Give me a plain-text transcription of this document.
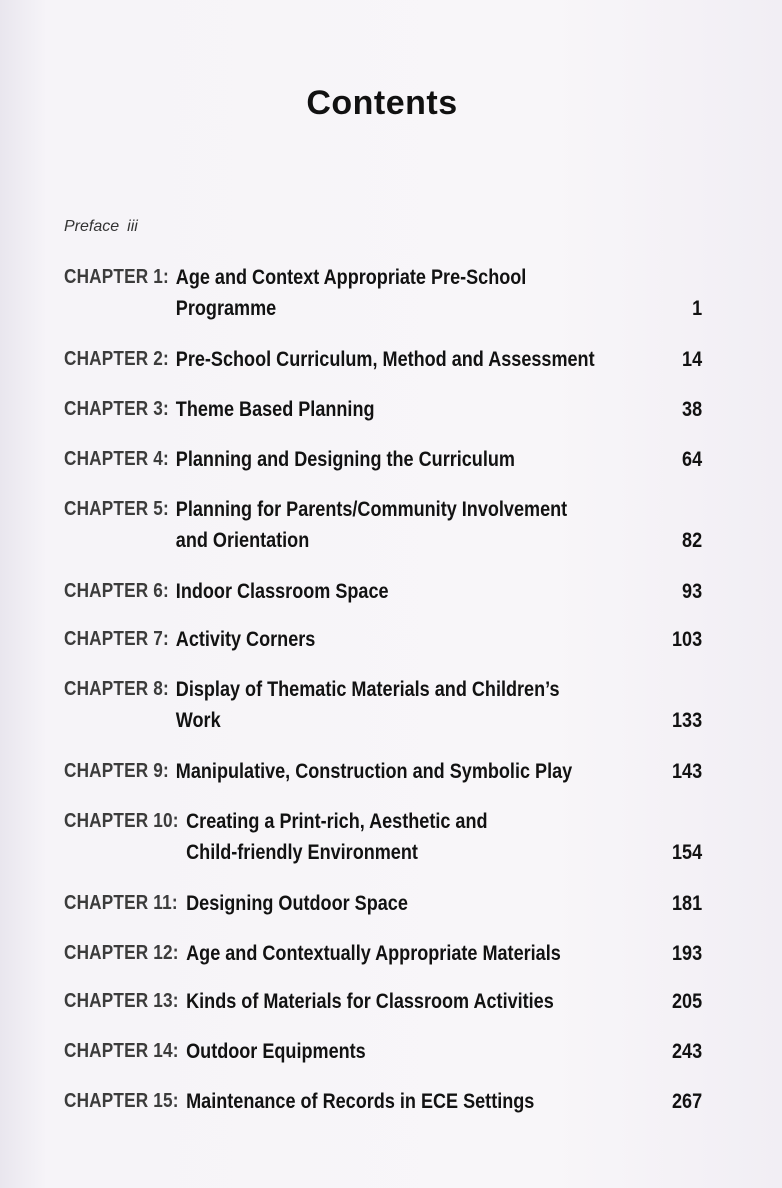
Contents
Preface iii
CHAPTER 1: Age and Context Appropriate Pre-School
Programme	1
CHAPTER 2: Pre-School Curriculum, Method and Assessment	14
CHAPTER 3: Theme Based Planning	38
CHAPTER 4: Planning and Designing the Curriculum	64
CHAPTER 5: Planning for Parents/Community Involvement
and Orientation	82
CHAPTER 6: Indoor Classroom Space	93
CHAPTER 7: Activity Corners	103
CHAPTER 8: Display of Thematic Materials and Children’s
Work	133
CHAPTER 9: Manipulative, Construction and Symbolic Play	143
CHAPTER 10: Creating a Print-rich, Aesthetic and
Child-friendly Environment	154
CHAPTER 11: Designing Outdoor Space	181
CHAPTER 12: Age and Contextually Appropriate Materials	193
CHAPTER 13: Kinds of Materials for Classroom Activities	205
CHAPTER 14: Outdoor Equipments	243
CHAPTER 15: Maintenance of Records in ECE Settings	267
